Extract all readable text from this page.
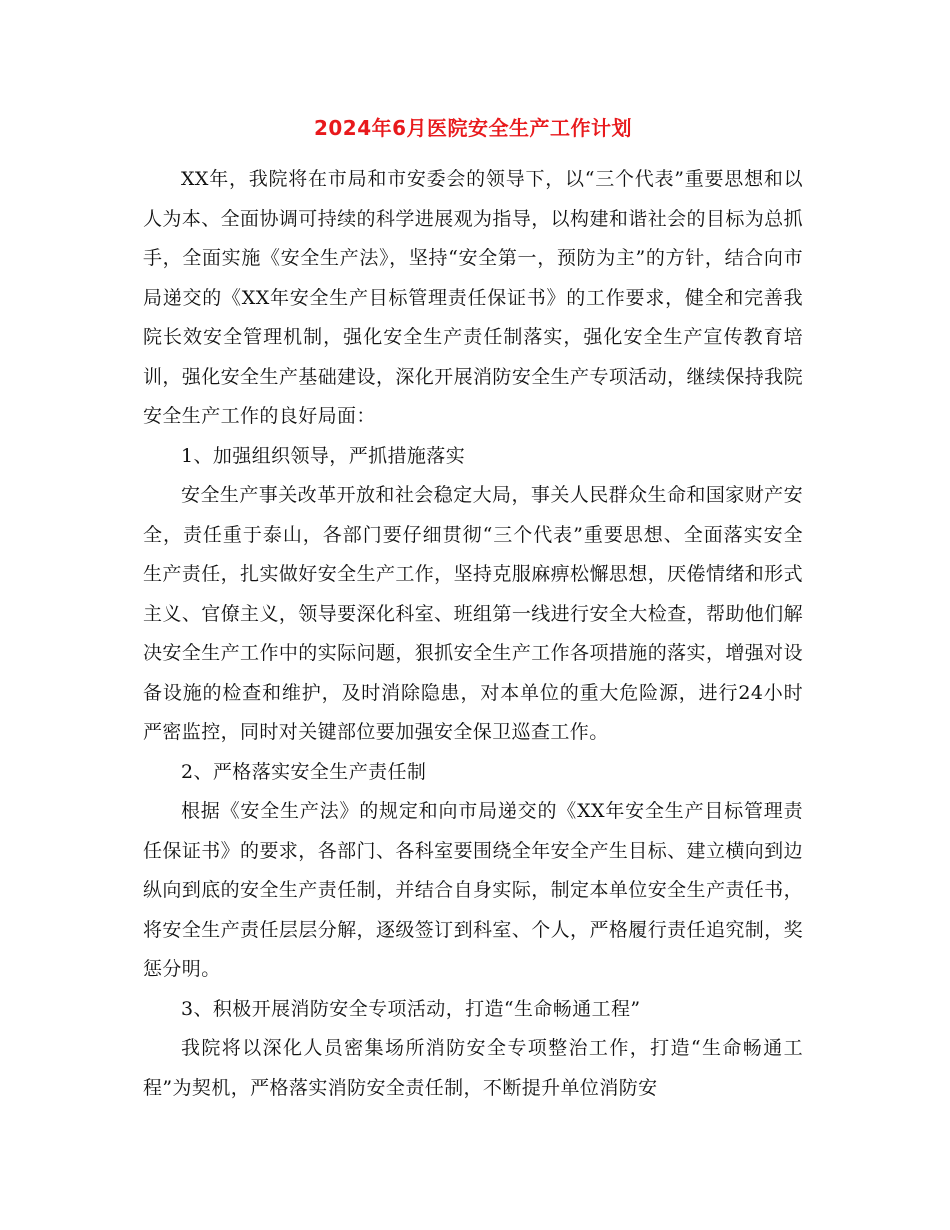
2024年6月医院安全生产工作计划

XX年，我院将在市局和市安委会的领导下，以“三个代表”重要思想和以人为本、全面协调可持续的科学进展观为指导，以构建和谐社会的目标为总抓手，全面实施《安全生产法》，坚持“安全第一，预防为主”的方针，结合向市局递交的《XX年安全生产目标管理责任保证书》的工作要求，健全和完善我院长效安全管理机制，强化安全生产责任制落实，强化安全生产宣传教育培训，强化安全生产基础建设，深化开展消防安全生产专项活动，继续保持我院安全生产工作的良好局面：

1、加强组织领导，严抓措施落实

安全生产事关改革开放和社会稳定大局，事关人民群众生命和国家财产安全，责任重于泰山，各部门要仔细贯彻“三个代表”重要思想、全面落实安全生产责任，扎实做好安全生产工作，坚持克服麻痹松懈思想，厌倦情绪和形式主义、官僚主义，领导要深化科室、班组第一线进行安全大检查，帮助他们解决安全生产工作中的实际问题，狠抓安全生产工作各项措施的落实，增强对设备设施的检查和维护，及时消除隐患，对本单位的重大危险源，进行24小时严密监控，同时对关键部位要加强安全保卫巡查工作。

2、严格落实安全生产责任制

根据《安全生产法》的规定和向市局递交的《XX年安全生产目标管理责任保证书》的要求，各部门、各科室要围绕全年安全产生目标、建立横向到边纵向到底的安全生产责任制，并结合自身实际，制定本单位安全生产责任书，将安全生产责任层层分解，逐级签订到科室、个人，严格履行责任追究制，奖惩分明。

3、积极开展消防安全专项活动，打造“生命畅通工程”

我院将以深化人员密集场所消防安全专项整治工作，打造“生命畅通工程”为契机，严格落实消防安全责任制，不断提升单位消防安
